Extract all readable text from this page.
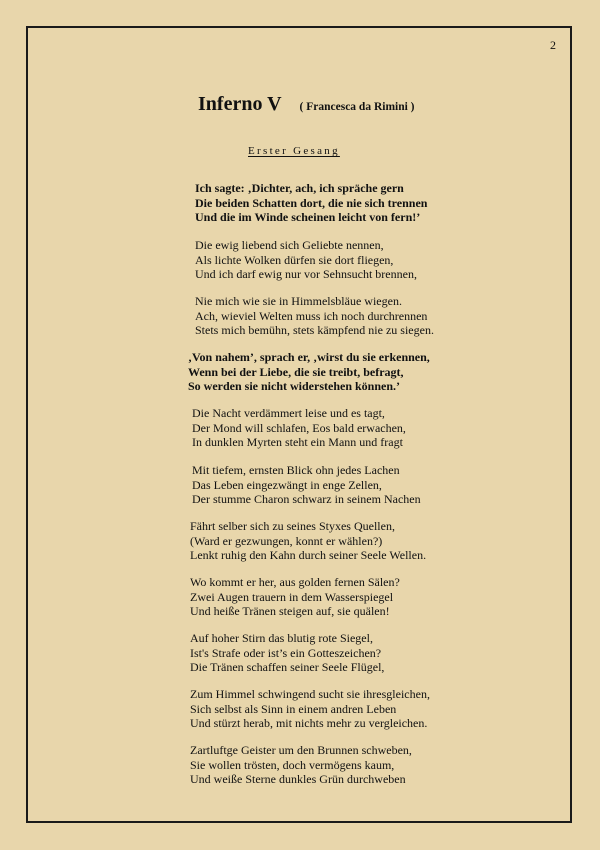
2
Inferno V ( Francesca da Rimini )
Erster Gesang
Ich sagte: ‚Dichter, ach, ich spräche gern
Die beiden Schatten dort, die nie sich trennen
Und die im Winde scheinen leicht von fern!’
Die ewig liebend sich Geliebte nennen,
Als lichte Wolken dürfen sie dort fliegen,
Und ich darf ewig nur vor Sehnsucht brennen,
Nie mich wie sie in Himmelsbläue wiegen.
Ach, wieviel Welten muss ich noch durchrennen
Stets mich bemühn, stets kämpfend nie zu siegen.
‚Von nahem’, sprach er, ‚wirst du sie erkennen,
Wenn bei der Liebe, die sie treibt, befragt,
So werden sie nicht widerstehen können.’
Die Nacht verdämmert leise und es tagt,
Der Mond will schlafen, Eos bald erwachen,
In dunklen Myrten steht ein Mann und fragt
Mit tiefem, ernsten Blick ohn jedes Lachen
Das Leben eingezwängt in enge Zellen,
Der stumme Charon schwarz in seinem Nachen
Fährt selber sich zu seines Styxes Quellen,
(Ward er gezwungen, konnt er wählen?)
Lenkt ruhig den Kahn durch seiner Seele Wellen.
Wo kommt er her, aus golden fernen Sälen?
Zwei Augen trauern in dem Wasserspiegel
Und heiße Tränen steigen auf, sie quälen!
Auf hoher Stirn das blutig rote Siegel,
Ist's Strafe oder ist’s ein Gotteszeichen?
Die Tränen schaffen seiner Seele Flügel,
Zum Himmel schwingend sucht sie ihresgleichen,
Sich selbst als Sinn in einem andren Leben
Und stürzt herab, mit nichts mehr zu vergleichen.
Zartluftge Geister um den Brunnen schweben,
Sie wollen trösten, doch vermögens kaum,
Und weiße Sterne dunkles Grün durchweben
